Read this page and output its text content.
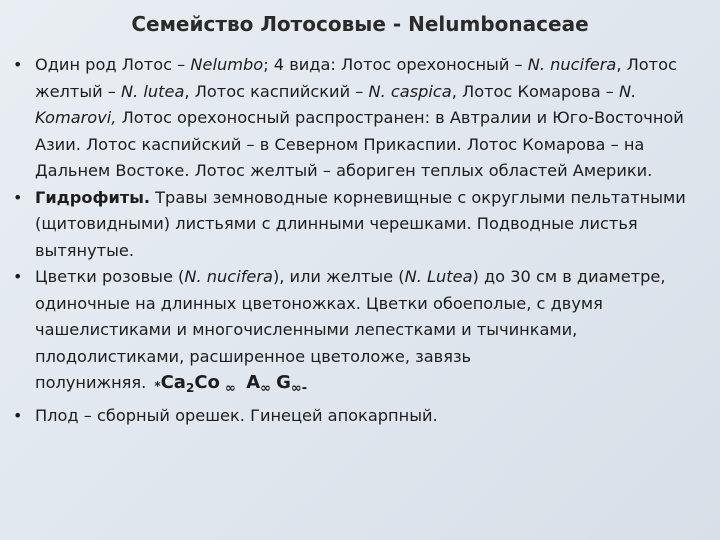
Семейство Лотосовые - Nelumbonaceae
• Один род Лотос – Nelumbo; 4 вида: Лотос орехоносный – N. nucifera, Лотос желтый – N. lutea, Лотос каспийский – N. caspica, Лотос Комарова – N. Komarovi, Лотос орехоносный распространен: в Автралии и Юго-Восточной Азии. Лотос каспийский – в Северном Прикаспии. Лотос Комарова – на Дальнем Востоке. Лотос желтый – абориген теплых областей Америки.
• Гидрофиты. Травы земноводные корневищные с округлыми пельтатными (щитовидными) листьями с длинными черешками. Подводные листья вытянутые.
• Цветки розовые (N. nucifera), или желтые (N. Lutea) до 30 см в диаметре, одиночные на длинных цветоножках. Цветки обоеполые, с двумя чашелистиками и многочисленными лепестками и тычинками, плодолистиками, расширенное цветоложе, завязь полунижняя. $*Ca_2Co$ $_\infty$ $A_\infty$ $G_{\infty-}$
• Плод – сборный орешек. Гинецей апокарпный.
